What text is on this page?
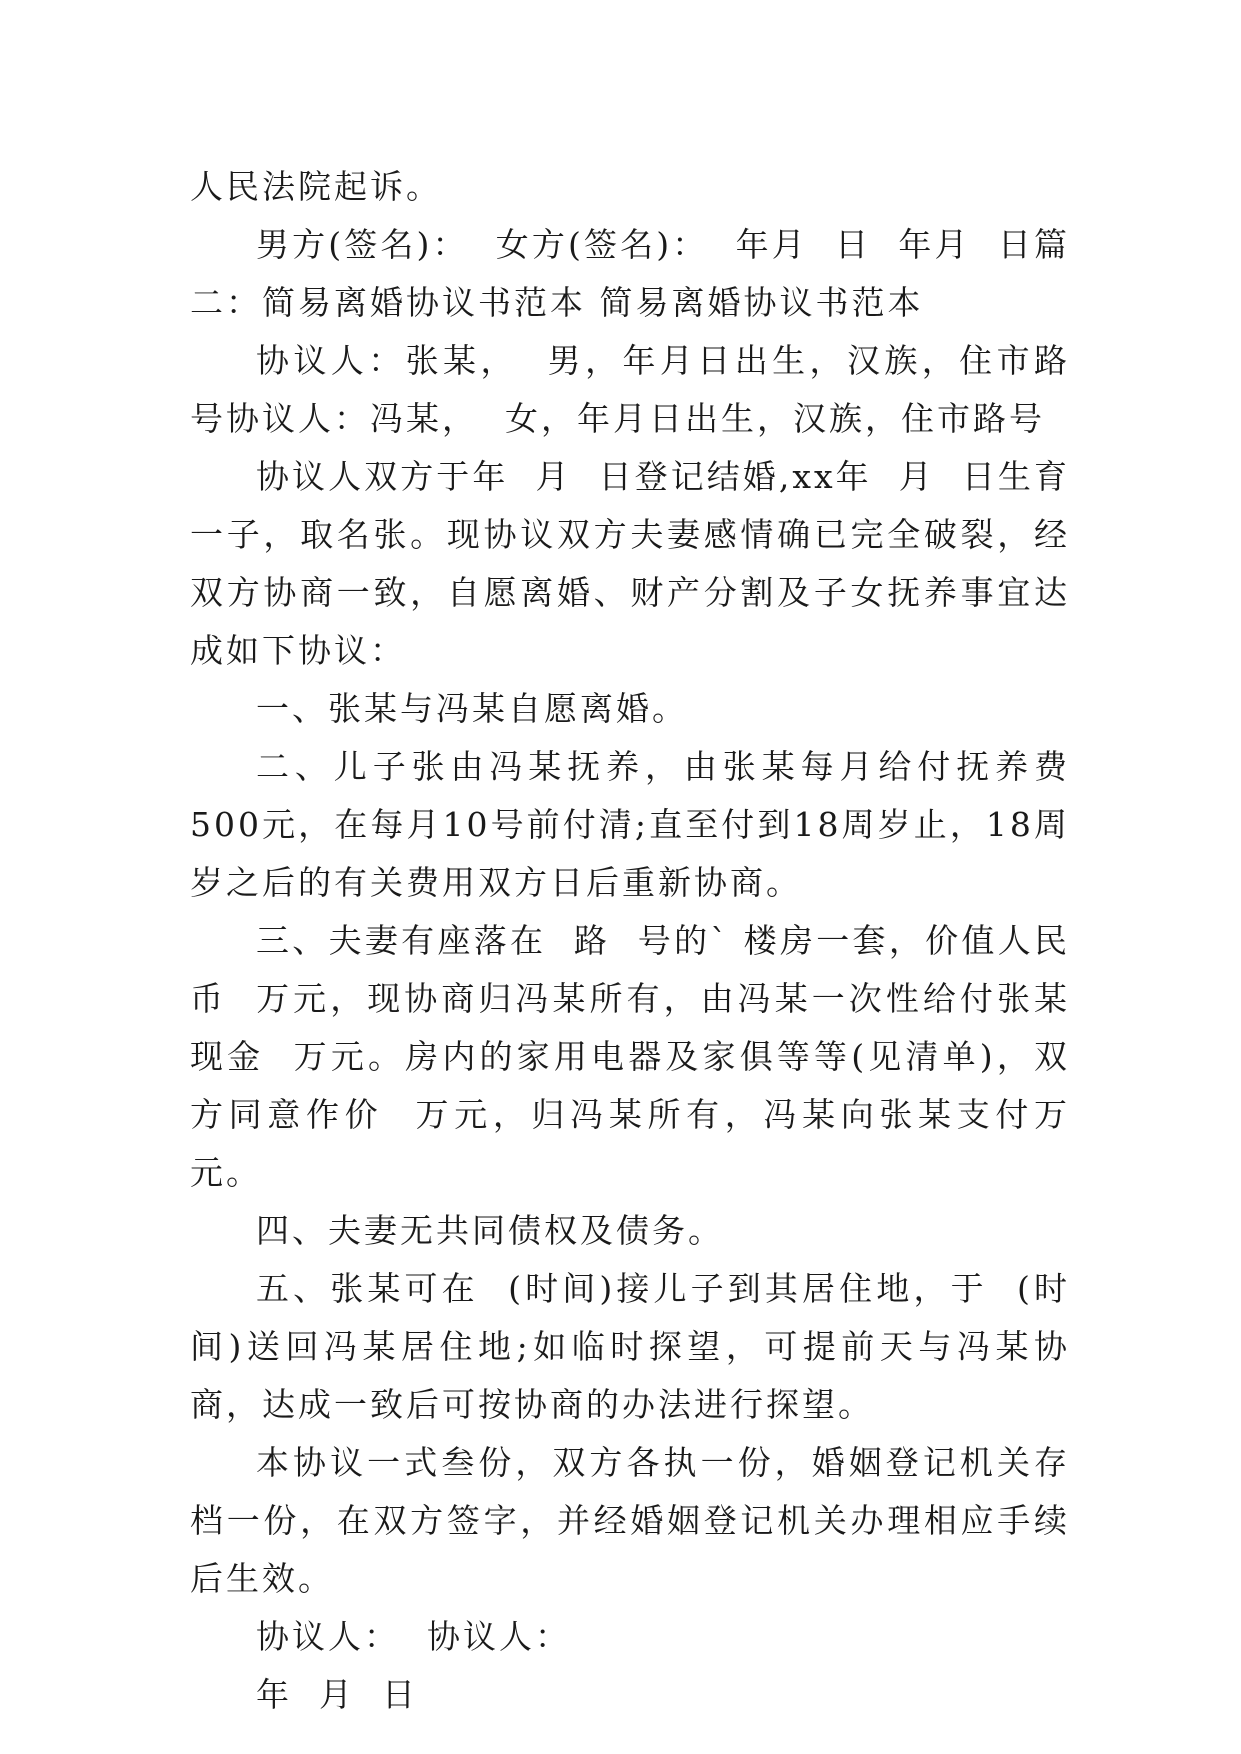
人民法院起诉。

男方(签名)：  女方(签名)：  年月  日  年月  日篇二：简易离婚协议书范本 简易离婚协议书范本

协议人：张某，  男，年月日出生，汉族，住市路号协议人：冯某，  女，年月日出生，汉族，住市路号

协议人双方于年  月  日登记结婚,xx年  月  日生育一子，取名张。现协议双方夫妻感情确已完全破裂，经双方协商一致，自愿离婚、财产分割及子女抚养事宜达成如下协议：

一、张某与冯某自愿离婚。

二、儿子张由冯某抚养，由张某每月给付抚养费500元，在每月10号前付清;直至付到18周岁止，18周岁之后的有关费用双方日后重新协商。

三、夫妻有座落在  路  号的` 楼房一套，价值人民币  万元，现协商归冯某所有，由冯某一次性给付张某现金  万元。房内的家用电器及家俱等等(见清单)，双方同意作价  万元，归冯某所有，冯某向张某支付万元。

四、夫妻无共同债权及债务。

五、张某可在  (时间)接儿子到其居住地，于  (时间)送回冯某居住地;如临时探望，可提前天与冯某协商，达成一致后可按协商的办法进行探望。

本协议一式叁份，双方各执一份，婚姻登记机关存档一份，在双方签字，并经婚姻登记机关办理相应手续后生效。

协议人：  协议人：

年  月  日
